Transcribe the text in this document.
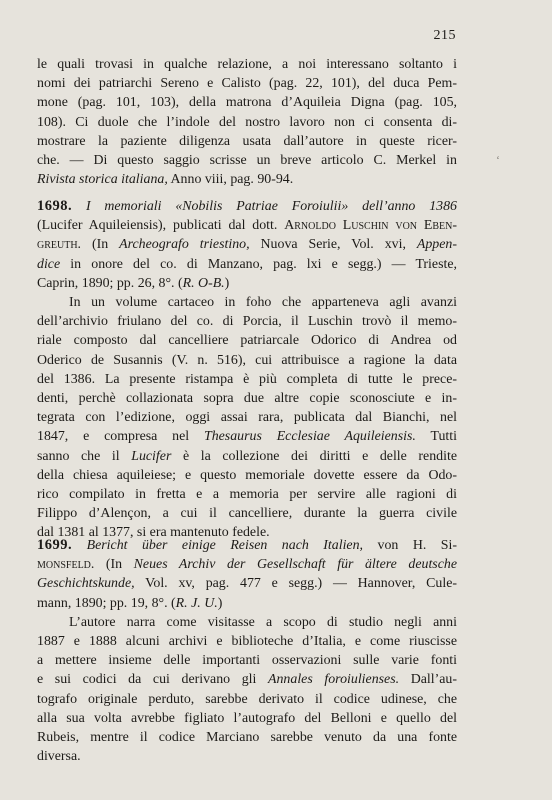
215
‘
le quali trovasi in qualche relazione, a noi interessano soltanto i
nomi dei patriarchi Sereno e Calisto (pag. 22, 101), del duca Pem-
mone (pag. 101, 103), della matrona d’Aquileia Digna (pag. 105,
108). Ci duole che l’indole del nostro lavoro non ci consenta di-
mostrare la paziente diligenza usata dall’autore in queste ricer-
che. — Di questo saggio scrisse un breve articolo C. Merkel in
Rivista storica italiana, Anno viii, pag. 90-94.
1698. I memoriali «Nobilis Patriae Foroiulii» dell’anno 1386
(Lucifer Aquileiensis), publicati dal dott. Arnoldo Luschin von Eben-
greuth. (In Archeografo triestino, Nuova Serie, Vol. xvi, Appen-
dice in onore del co. di Manzano, pag. lxi e segg.) — Trieste,
Caprin, 1890; pp. 26, 8°. (R. O-B.)
In un volume cartaceo in foho che apparteneva agli avanzi
dell’archivio friulano del co. di Porcia, il Luschin trovò il memo-
riale composto dal cancelliere patriarcale Odorico di Andrea od
Oderico de Susannis (V. n. 516), cui attribuisce a ragione la data
del 1386. La presente ristampa è più completa di tutte le prece-
denti, perchè collazionata sopra due altre copie sconosciute e in-
tegrata con l’edizione, oggi assai rara, publicata dal Bianchi, nel
1847, e compresa nel Thesaurus Ecclesiae Aquileiensis. Tutti
sanno che il Lucifer è la collezione dei diritti e delle rendite
della chiesa aquileiese; e questo memoriale dovette essere da Odo-
rico compilato in fretta e a memoria per servire alle ragioni di
Filippo d’Alençon, a cui il cancelliere, durante la guerra civile
dal 1381 al 1377, si era mantenuto fedele.
1699. Bericht über einige Reisen nach Italien, von H. Si-
monsfeld. (In Neues Archiv der Gesellschaft für ältere deutsche
Geschichtskunde, Vol. xv, pag. 477 e segg.) — Hannover, Cule-
mann, 1890; pp. 19, 8°. (R. J. U.)
L’autore narra come visitasse a scopo di studio negli anni
1887 e 1888 alcuni archivi e biblioteche d’Italia, e come riuscisse
a mettere insieme delle importanti osservazioni sulle varie fonti
e sui codici da cui derivano gli Annales foroiulienses. Dall’au-
tografo originale perduto, sarebbe derivato il codice udinese, che
alla sua volta avrebbe figliato l’autografo del Belloni e quello del
Rubeis, mentre il codice Marciano sarebbe venuto da una fonte
diversa.
